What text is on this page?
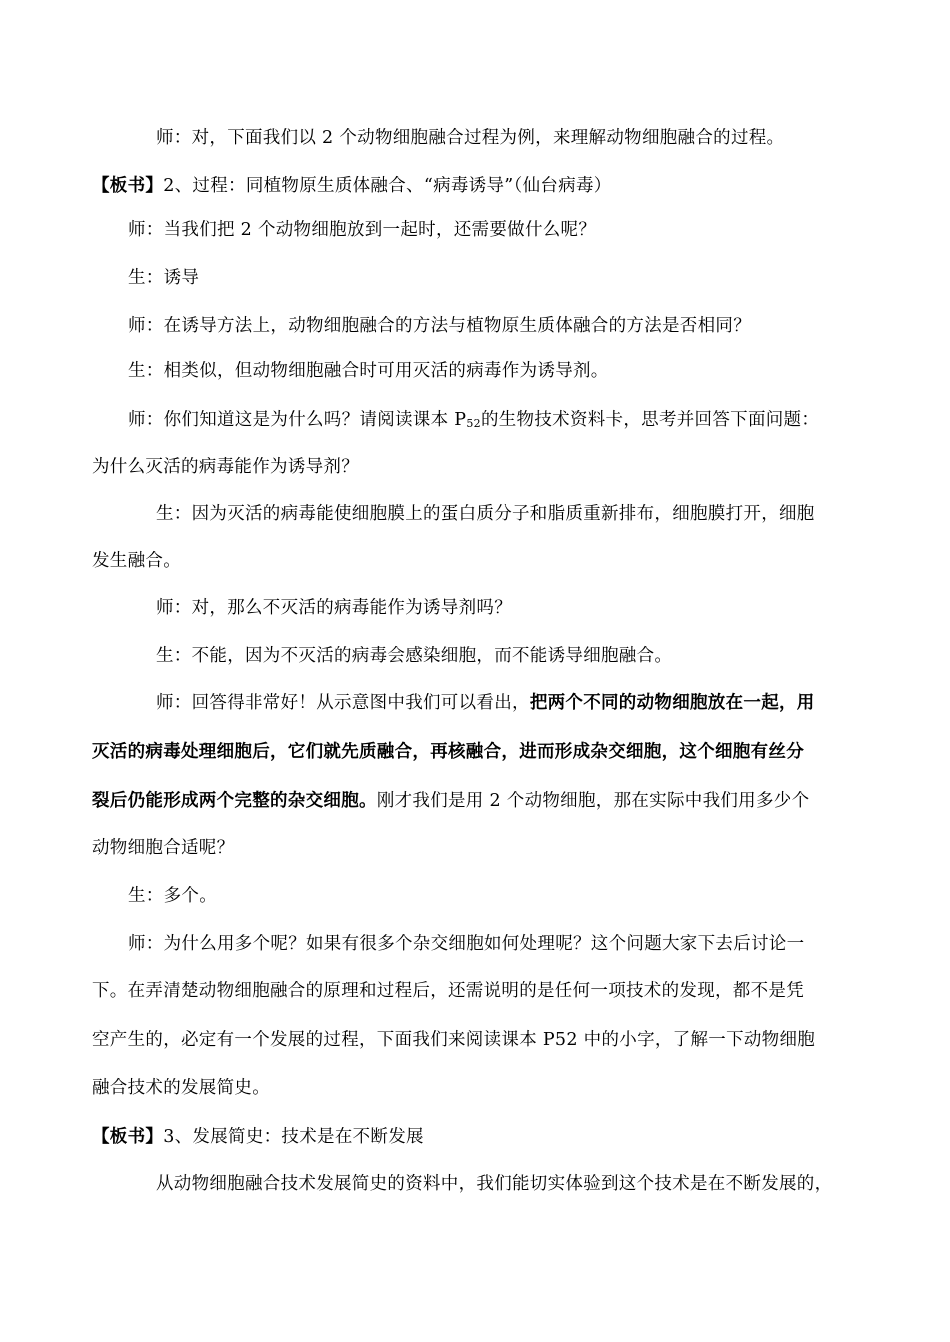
师：对，下面我们以 2 个动物细胞融合过程为例，来理解动物细胞融合的过程。
【板书】2、过程：同植物原生质体融合、“病毒诱导”（仙台病毒）
师：当我们把 2 个动物细胞放到一起时，还需要做什么呢？
生：诱导
师：在诱导方法上，动物细胞融合的方法与植物原生质体融合的方法是否相同？
生：相类似，但动物细胞融合时可用灭活的病毒作为诱导剂。
师：你们知道这是为什么吗？请阅读课本 P52的生物技术资料卡，思考并回答下面问题：
为什么灭活的病毒能作为诱导剂？
生：因为灭活的病毒能使细胞膜上的蛋白质分子和脂质重新排布，细胞膜打开，细胞
发生融合。
师：对，那么不灭活的病毒能作为诱导剂吗？
生：不能，因为不灭活的病毒会感染细胞，而不能诱导细胞融合。
师：回答得非常好！从示意图中我们可以看出，把两个不同的动物细胞放在一起，用
灭活的病毒处理细胞后，它们就先质融合，再核融合，进而形成杂交细胞，这个细胞有丝分
裂后仍能形成两个完整的杂交细胞。刚才我们是用 2 个动物细胞，那在实际中我们用多少个
动物细胞合适呢？
生：多个。
师：为什么用多个呢？如果有很多个杂交细胞如何处理呢？这个问题大家下去后讨论一
下。在弄清楚动物细胞融合的原理和过程后，还需说明的是任何一项技术的发现，都不是凭
空产生的，必定有一个发展的过程，下面我们来阅读课本 P52 中的小字，了解一下动物细胞
融合技术的发展简史。
【板书】3、发展简史：技术是在不断发展
从动物细胞融合技术发展简史的资料中，我们能切实体验到这个技术是在不断发展的，
